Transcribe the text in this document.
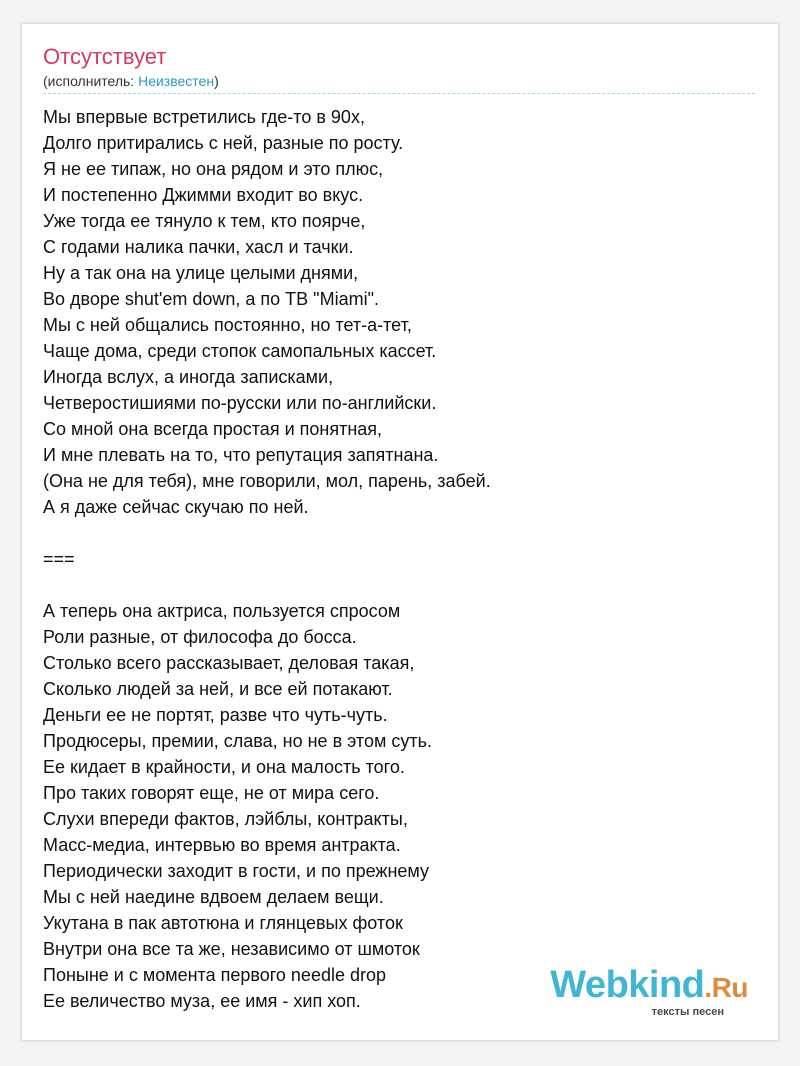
Отсутствует
(исполнитель: Неизвестен)
Мы впервые встретились где-то в 90х,
Долго притирались с ней, разные по росту.
Я не ее типаж, но она рядом и это плюс,
И постепенно Джимми входит во вкус.
Уже тогда ее тянуло к тем, кто поярче,
С годами налика пачки, хасл и тачки.
Ну а так она на улице целыми днями,
Во дворе shut'em down, а по ТВ "Miami".
Мы с ней общались постоянно, но тет-а-тет,
Чаще дома, среди стопок самопальных кассет.
Иногда вслух, а иногда записками,
Четверостишиями по-русски или по-английски.
Со мной она всегда простая и понятная,
И мне плевать на то, что репутация запятнана.
(Она не для тебя), мне говорили, мол, парень, забей.
А я даже сейчас скучаю по ней.
===
А теперь она актриса, пользуется спросом
Роли разные, от философа до босса.
Столько всего рассказывает, деловая такая,
Сколько людей за ней, и все ей потакают.
Деньги ее не портят, разве что чуть-чуть.
Продюсеры, премии, слава, но не в этом суть.
Ее кидает в крайности, и она малость того.
Про таких говорят еще, не от мира сего.
Слухи впереди фактов, лэйблы, контракты,
Масс-медиа, интервью во время антракта.
Периодически заходит в гости, и по прежнему
Мы с ней наедине вдвоем делаем вещи.
Укутана в пак автотюна и глянцевых фоток
Внутри она все та же, независимо от шмоток
Поныне и с момента первого needle drop
Ее величество муза, ее имя - хип хоп.	Webkind.Ru
тексты песен
